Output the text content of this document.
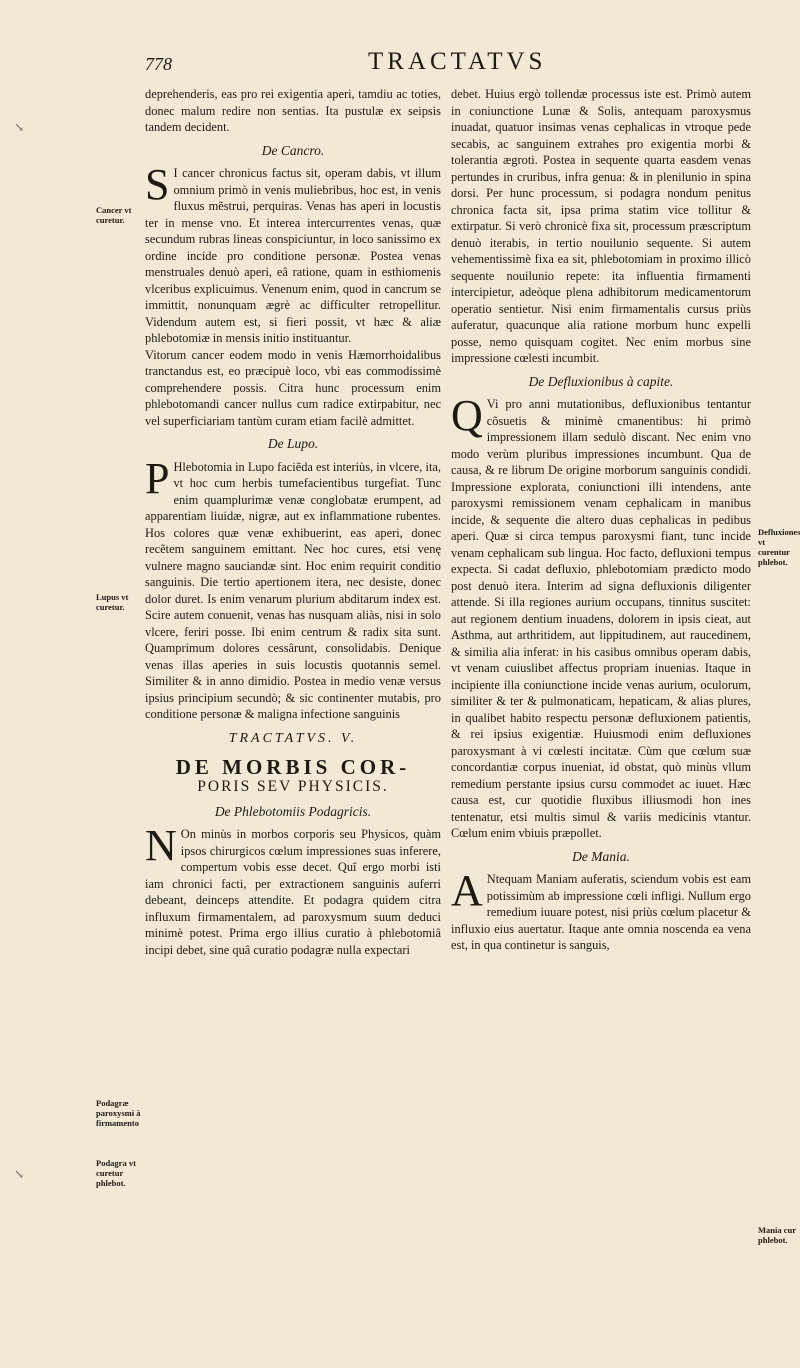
778	TRACTATVS

deprehenderis, eas pro rei exigentia aperi, tamdiu ac toties, donec malum redire non sentias. Ita pustulæ ex seipsis tandem decident.

De Cancro.

S I cancer chronicus factus sit, operam dabis, vt illum omnium primò in venis muliebribus, hoc est, in venis fluxus mẽstrui, perquiras. Venas has aperi in locustis ter in mense vno. Et interea intercurrentes venas, quæ secundum rubras lineas conspiciuntur, in loco sanissimo ex ordine incide pro conditione personæ. Postea venas menstruales denuò aperi, eâ ratione, quam in esthiomenis vlceribus explicuimus. Venenum enim, quod in cancrum se immittit, nonunquam ægrè ac difficulter retropellitur. Videndum autem est, si fieri possit, vt hæc & aliæ phlebotomiæ in mensis initio instituantur.

Vitorum cancer eodem modo in venis Hæmorrhoidalibus tranctandus est, eo præcipuè loco, vbi eas commodissimè comprehendere possis. Citra hunc processum enim phlebotomandi cancer nullus cum radice extirpabitur, nec vel superficiariam tantùm curam etiam facilè admittet.

De Lupo.

P Hlebotomia in Lupo faciẽda est interiùs, in vlcere, ita, vt hoc cum herbis tumefacientibus turgefiat. Tunc enim quamplurimæ venæ conglobatæ erumpent, ad apparentiam liuidæ, nigræ, aut ex inflammatione rubentes. Hos colores quæ venæ exhibuerint, eas aperi, donec recẽtem sanguinem emittant. Nec hoc cures, etsi venę vulnere magno sauciandæ sint. Hoc enim requirit conditio sanguinis. Die tertio apertionem itera, nec desiste, donec dolor duret. Is enim venarum plurium abditarum index est. Scire autem conuenit, venas has nusquam aliàs, nisi in solo vlcere, feriri posse. Ibi enim centrum & radix sita sunt. Quamprimum dolores cessârunt, consolidabis. Denique venas illas aperies in suis locustis quotannis semel. Similiter & in anno dimidio. Postea in medio venæ versus ipsius principium secundò; & sic continenter mutabis, pro conditione personæ & maligna infectione sanguinis

TRACTATVS. V.
DE MORBIS COR-
PORIS SEV PHYSICIS.
De Phlebotomiis Podagricis.

N On minùs in morbos corporis seu Physicos, quàm ipsos chirurgicos cœlum impressiones suas inferere, compertum vobis esse decet. Quî ergo morbi isti iam chronici facti, per extractionem sanguinis auferri debeant, deinceps attendite. Et podagra quidem citra influxum firmamentalem, ad paroxysmum suum deduci minimè potest. Prima ergo illius curatio à phlebotomiâ incipi debet, sine quâ curatio podagræ nulla expectari

debet. Huius ergò tollendæ processus iste est. Primò autem in coniunctione Lunæ & Solis, antequam paroxysmus inuadat, quatuor insimas venas cephalicas in vtroque pede secabis, ac sanguinem extrahes pro exigentia morbi & tolerantia ægroti. Postea in sequente quarta easdem venas pertundes in cruribus, infra genua: & in plenilunio in spina dorsi. Per hunc processum, si podagra nondum penitus chronica facta sit, ipsa prima statim vice tollitur & extirpatur. Si verò chronicè fixa sit, processum præscriptum denuò iterabis, in tertio nouilunio sequente. Si autem vehementissimè fixa ea sit, phlebotomiam in proximo illicò sequente nouilunio repete: ita influentia firmamenti intercipietur, adeòque plena adhibitorum medicamentorum operatio sentietur. Nisi enim firmamentalis cursus priùs auferatur, quacunque alia ratione morbum hunc expelli posse, nemo quisquam cogitet. Nec enim morbus sine impressione cœlesti incumbit.

De Defluxionibus à capite.

Q Vi pro anni mutationibus, defluxionibus tentantur cõsuetis & minimè cmanentibus: hi primò impressionem illam sedulò discant. Nec enim vno modo verùm pluribus impressiones incumbunt. Qua de causa, & re librum De origine morborum sanguinis condidi. Impressione explorata, coniunctioni illi intendens, ante paroxysmi remissionem venam cephalicam in manibus incide, & sequente die altero duas cephalicas in pedibus aperi. Quæ si circa tempus paroxysmi fiant, tunc incide venam cephalicam sub lingua. Hoc facto, defluxioni tempus expecta. Si cadat defluxio, phlebotomiam prædicto modo post denuò itera. Interim ad signa defluxionis diligenter attende. Si illa regiones aurium occupans, tinnitus suscitet: aut regionem dentium inuadens, dolorem in ipsis cieat, aut Asthma, aut arthritidem, aut lippitudinem, aut raucedinem, & similia alia inferat: in his casibus omnibus operam dabis, vt venam cuiuslibet affectus propriam inuenias. Itaque in incipiente illa coniunctione incide venas aurium, oculorum, similiter & ter & pulmonaticam, hepaticam, & alias plures, in qualibet habito respectu personæ defluxionem patientis, & rei ipsius exigentiæ. Huiusmodi enim defluxiones paroxysmant à vi cœlesti incitatæ. Cùm que cœlum suæ concordantiæ corpus inueniat, id obstat, quò minùs vllum remedium perstante ipsius cursu commodet ac iuuet. Hæc causa est, cur quotidie fluxibus illiusmodi hon ines tentenatur, etsi multis simul & variis medicinis vtantur. Cœlum enim vbiuis præpollet.

De Mania.

A Ntequam Maniam auferatis, sciendum vobis est eam potissimùm ab impressione cœli infligi. Nullum ergo remedium iuuare potest, nisi priùs cœlum placetur & influxio eius auertatur. Itaque ante omnia noscenda ea vena est, in qua continetur is sanguis,

Cancer vt curetur.
Lupus vt curetur.
Podagræ paroxysmi à firmamento
Podagra vt curetur phlebot.
Defluxiones vt curentur phlebot.
Mania cur phlebot.
↘
↘
